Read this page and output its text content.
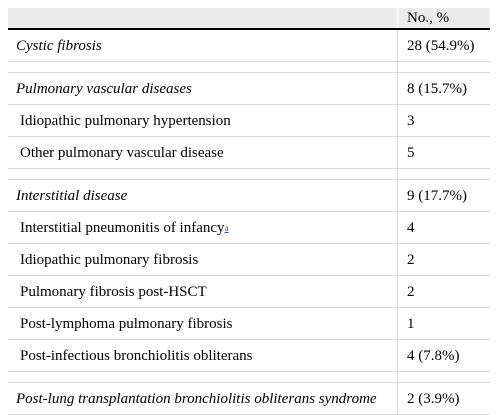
No., %
Cystic fibrosis	28 (54.9%)
Pulmonary vascular diseases	8 (15.7%)
Idiopathic pulmonary hypertension	3
Other pulmonary vascular disease	5
Interstitial disease	9 (17.7%)
Interstitial pneumonitis of infancy a	4
Idiopathic pulmonary fibrosis	2
Pulmonary fibrosis post-HSCT	2
Post-lymphoma pulmonary fibrosis	1
Post-infectious bronchiolitis obliterans	4 (7.8%)
Post-lung transplantation bronchiolitis obliterans syndrome	2 (3.9%)
